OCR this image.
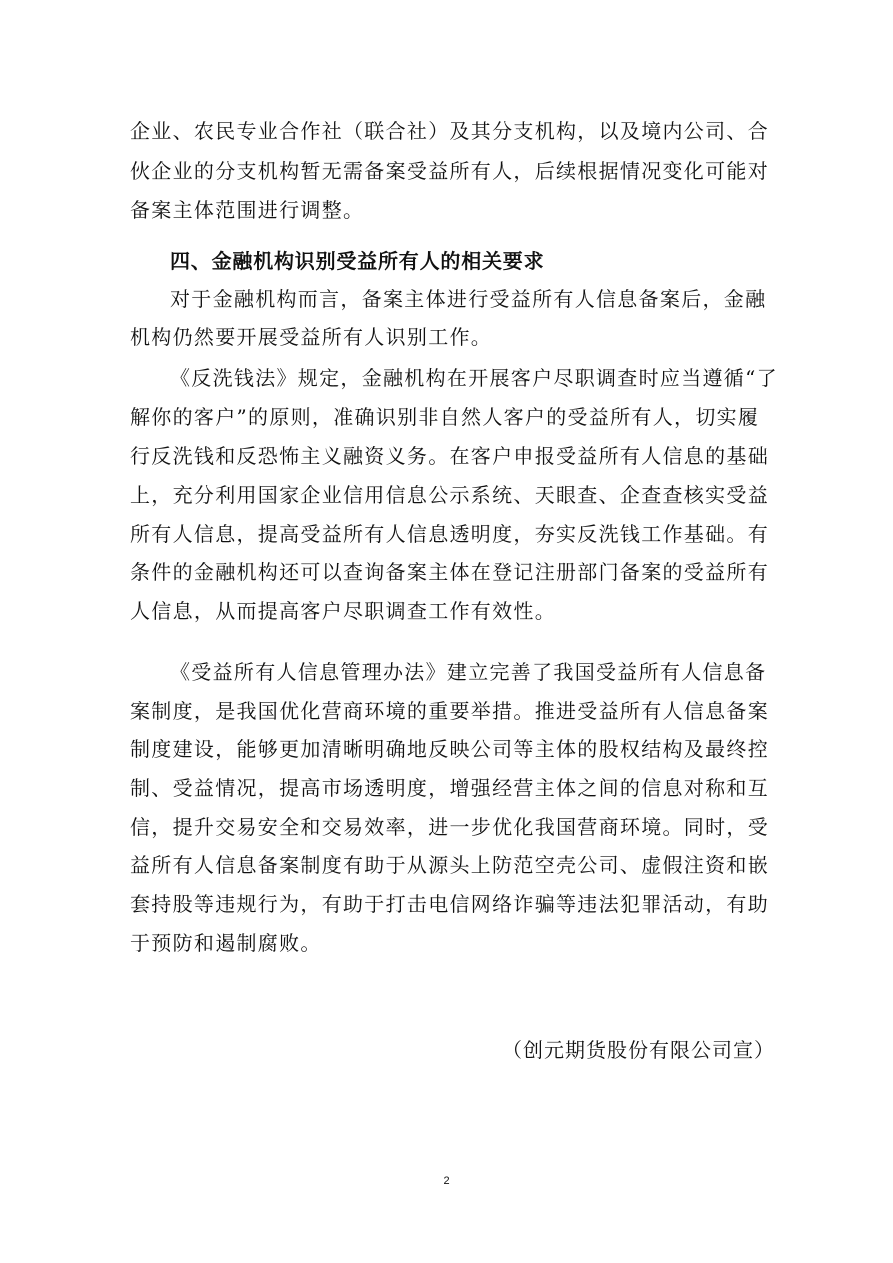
企业、农民专业合作社（联合社）及其分支机构，以及境内公司、合
伙企业的分支机构暂无需备案受益所有人，后续根据情况变化可能对
备案主体范围进行调整。
四、金融机构识别受益所有人的相关要求
对于金融机构而言，备案主体进行受益所有人信息备案后，金融
机构仍然要开展受益所有人识别工作。
《反洗钱法》规定，金融机构在开展客户尽职调查时应当遵循“了
解你的客户”的原则，准确识别非自然人客户的受益所有人，切实履
行反洗钱和反恐怖主义融资义务。在客户申报受益所有人信息的基础
上，充分利用国家企业信用信息公示系统、天眼查、企查查核实受益
所有人信息，提高受益所有人信息透明度，夯实反洗钱工作基础。有
条件的金融机构还可以查询备案主体在登记注册部门备案的受益所有
人信息，从而提高客户尽职调查工作有效性。
《受益所有人信息管理办法》建立完善了我国受益所有人信息备
案制度，是我国优化营商环境的重要举措。推进受益所有人信息备案
制度建设，能够更加清晰明确地反映公司等主体的股权结构及最终控
制、受益情况，提高市场透明度，增强经营主体之间的信息对称和互
信，提升交易安全和交易效率，进一步优化我国营商环境。同时，受
益所有人信息备案制度有助于从源头上防范空壳公司、虚假注资和嵌
套持股等违规行为，有助于打击电信网络诈骗等违法犯罪活动，有助
于预防和遏制腐败。
（创元期货股份有限公司宣）
2
